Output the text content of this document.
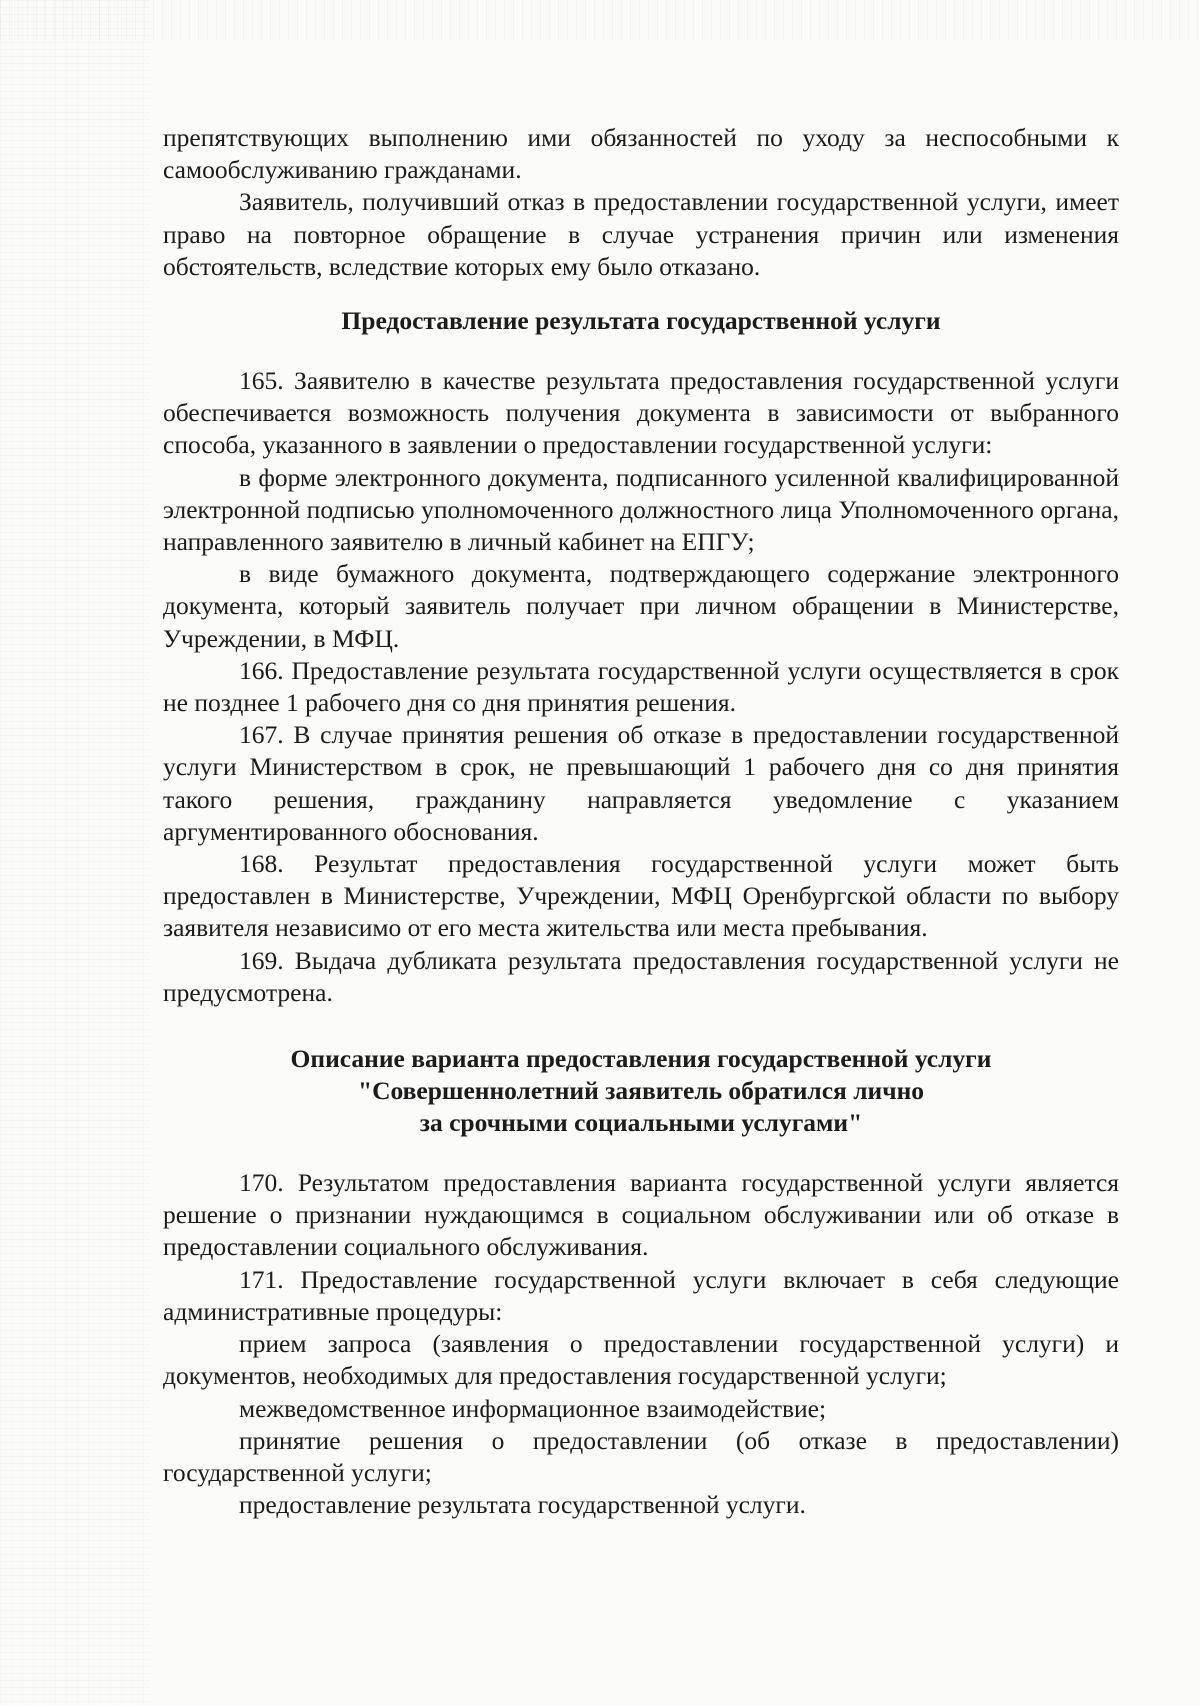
препятствующих выполнению ими обязанностей по уходу за неспособными к самообслуживанию гражданами.

Заявитель, получивший отказ в предоставлении государственной услуги, имеет право на повторное обращение в случае устранения причин или изменения обстоятельств, вследствие которых ему было отказано.

Предоставление результата государственной услуги

165. Заявителю в качестве результата предоставления государственной услуги обеспечивается возможность получения документа в зависимости от выбранного способа, указанного в заявлении о предоставлении государственной услуги:

в форме электронного документа, подписанного усиленной квалифицированной электронной подписью уполномоченного должностного лица Уполномоченного органа, направленного заявителю в личный кабинет на ЕПГУ;

в виде бумажного документа, подтверждающего содержание электронного документа, который заявитель получает при личном обращении в Министерстве, Учреждении, в МФЦ.

166. Предоставление результата государственной услуги осуществляется в срок не позднее 1 рабочего дня со дня принятия решения.

167. В случае принятия решения об отказе в предоставлении государственной услуги Министерством в срок, не превышающий 1 рабочего дня со дня принятия такого решения, гражданину направляется уведомление с указанием аргументированного обоснования.

168. Результат предоставления государственной услуги может быть предоставлен в Министерстве, Учреждении, МФЦ Оренбургской области по выбору заявителя независимо от его места жительства или места пребывания.

169. Выдача дубликата результата предоставления государственной услуги не предусмотрена.

Описание варианта предоставления государственной услуги
"Совершеннолетний заявитель обратился лично
за срочными социальными услугами"

170. Результатом предоставления варианта государственной услуги является решение о признании нуждающимся в социальном обслуживании или об отказе в предоставлении социального обслуживания.

171. Предоставление государственной услуги включает в себя следующие административные процедуры:

прием запроса (заявления о предоставлении государственной услуги) и документов, необходимых для предоставления государственной услуги;

межведомственное информационное взаимодействие;

принятие решения о предоставлении (об отказе в предоставлении) государственной услуги;

предоставление результата государственной услуги.
